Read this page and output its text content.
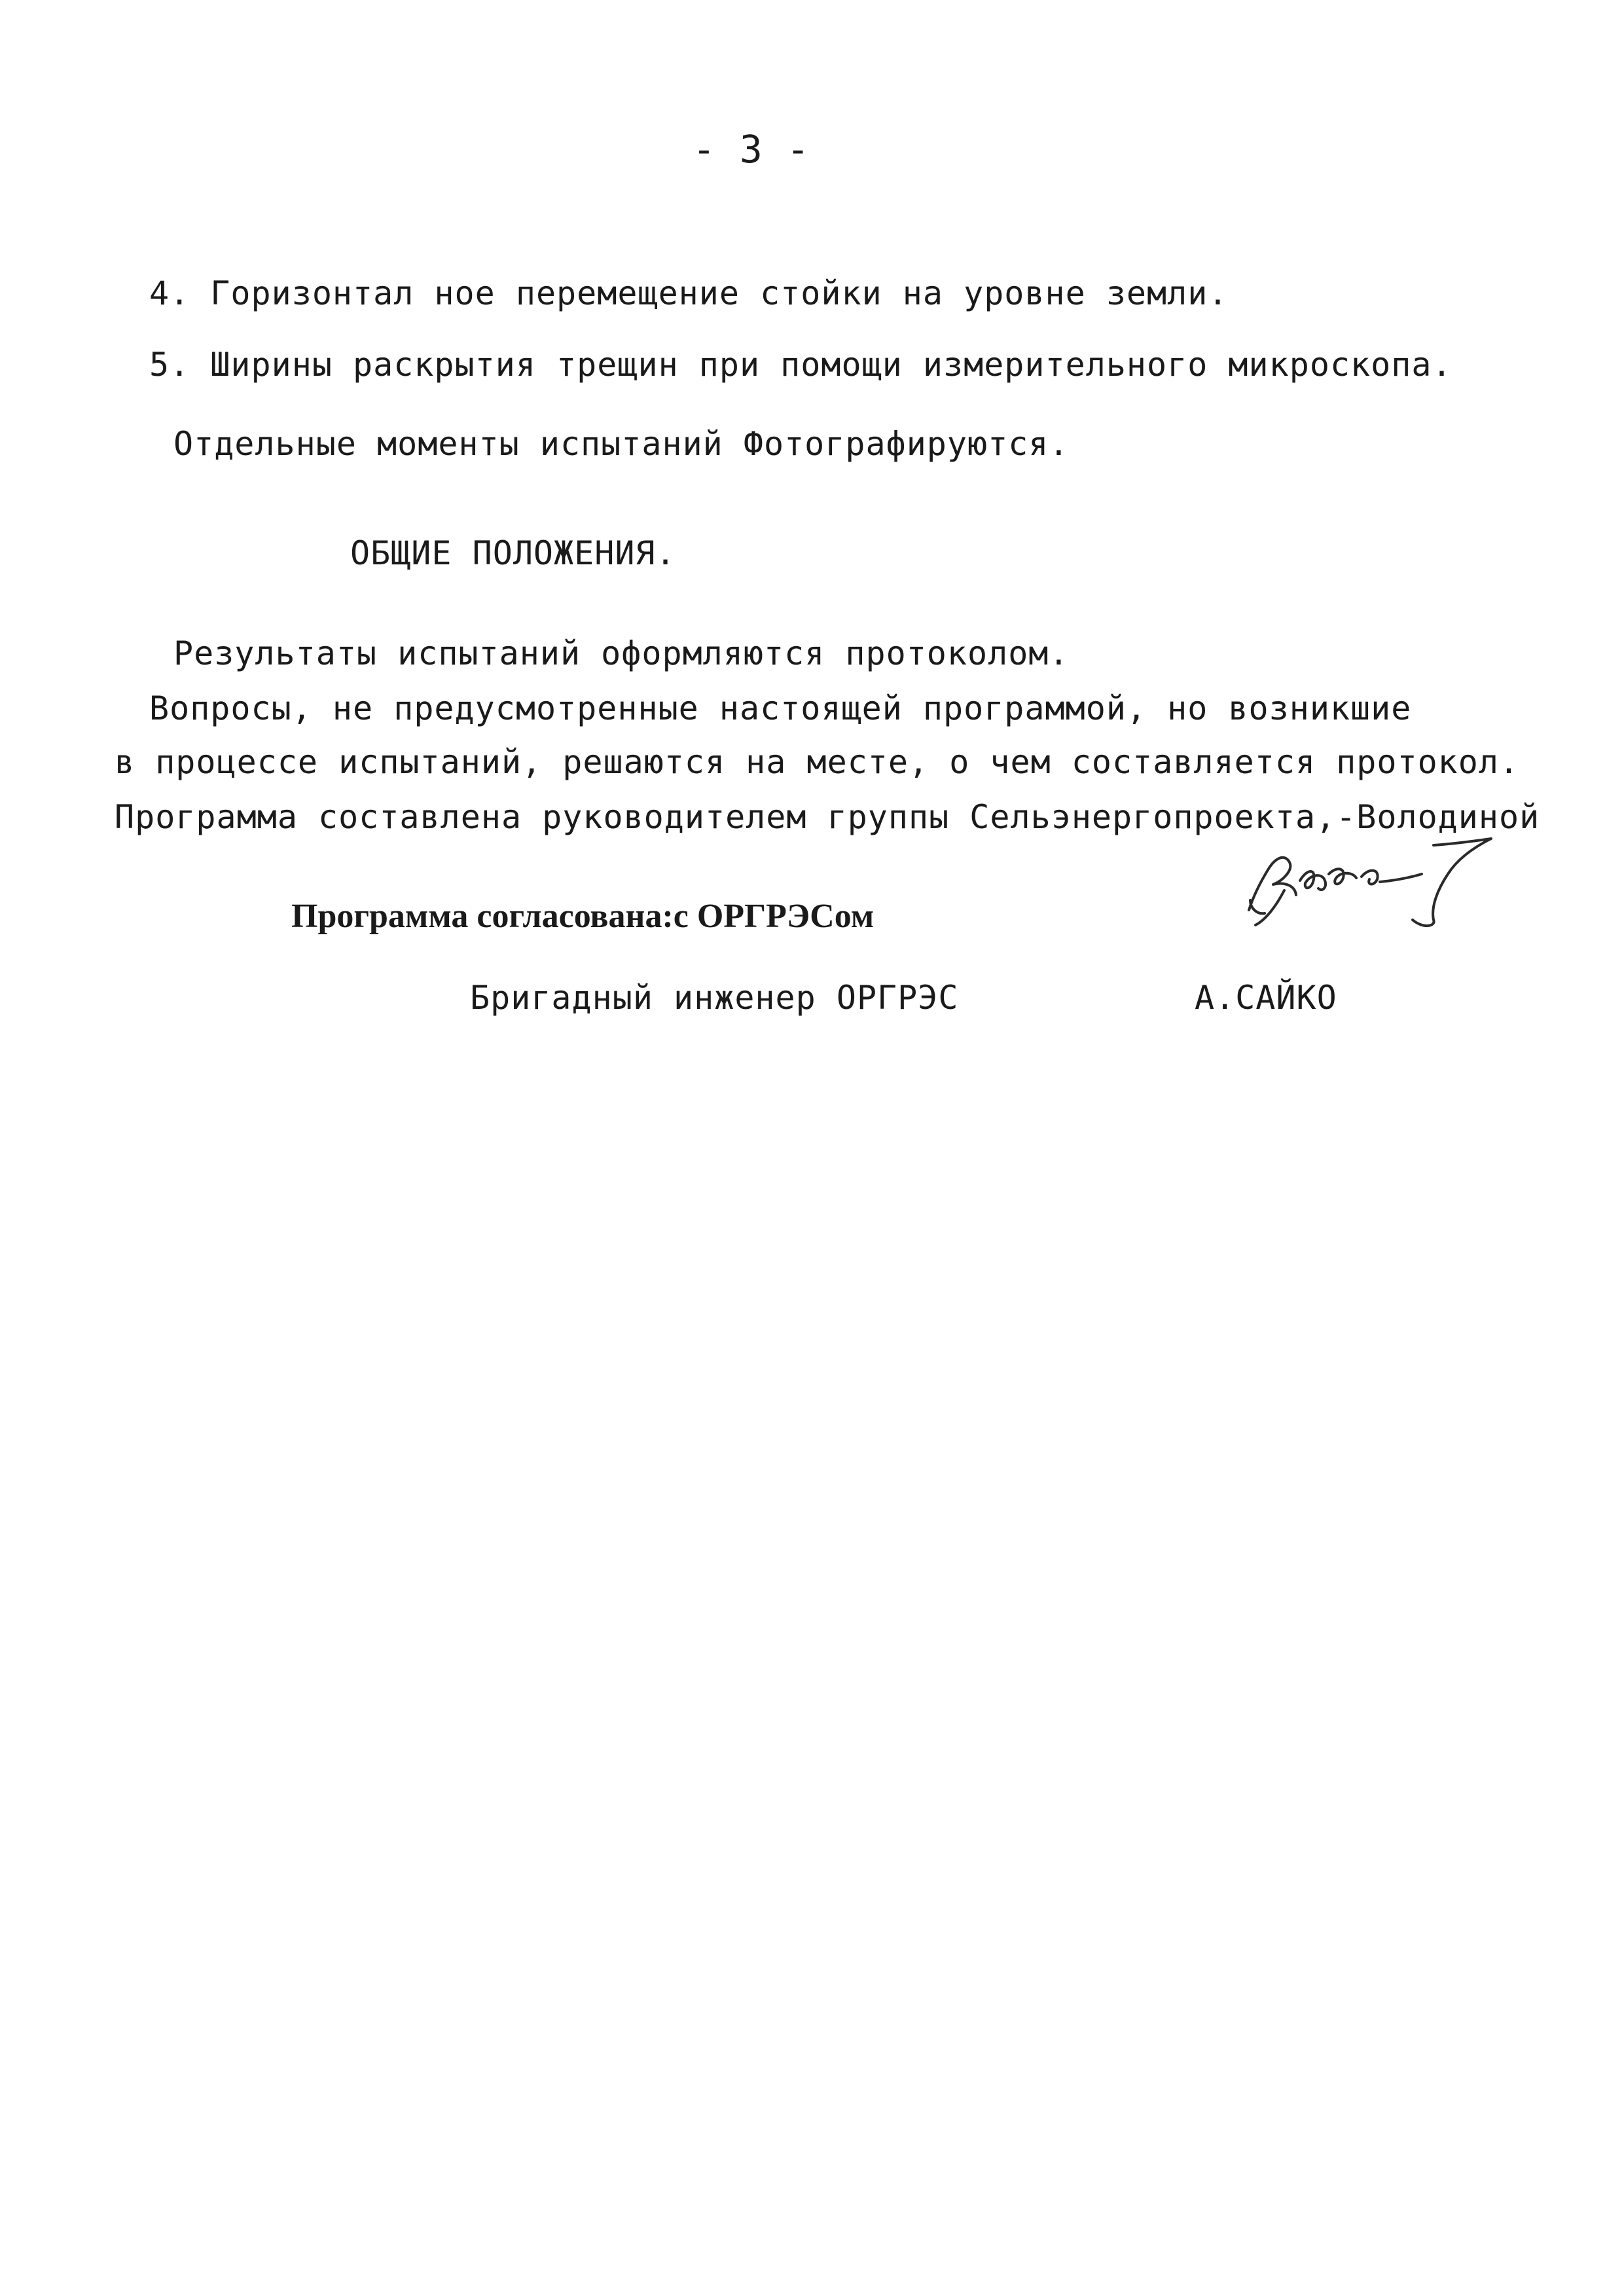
- 3 -
4. Горизонтал ное перемещение стойки на уровне земли.
5. Ширины раскрытия трещин при помощи измерительного микроскопа.
Отдельные моменты испытаний Фотографируются.
ОБЩИЕ ПОЛОЖЕНИЯ.
Результаты испытаний оформляются протоколом.
Вопросы, не предусмотренные настоящей программой, но возникшие
в процессе испытаний, решаются на месте, о чем составляется протокол.
Программа составлена руководителем группы Сельэнергопроекта,-Володиной
Программа согласована:с ОРГРЭСом
Бригадный инженер ОРГРЭС	А.САЙКО
